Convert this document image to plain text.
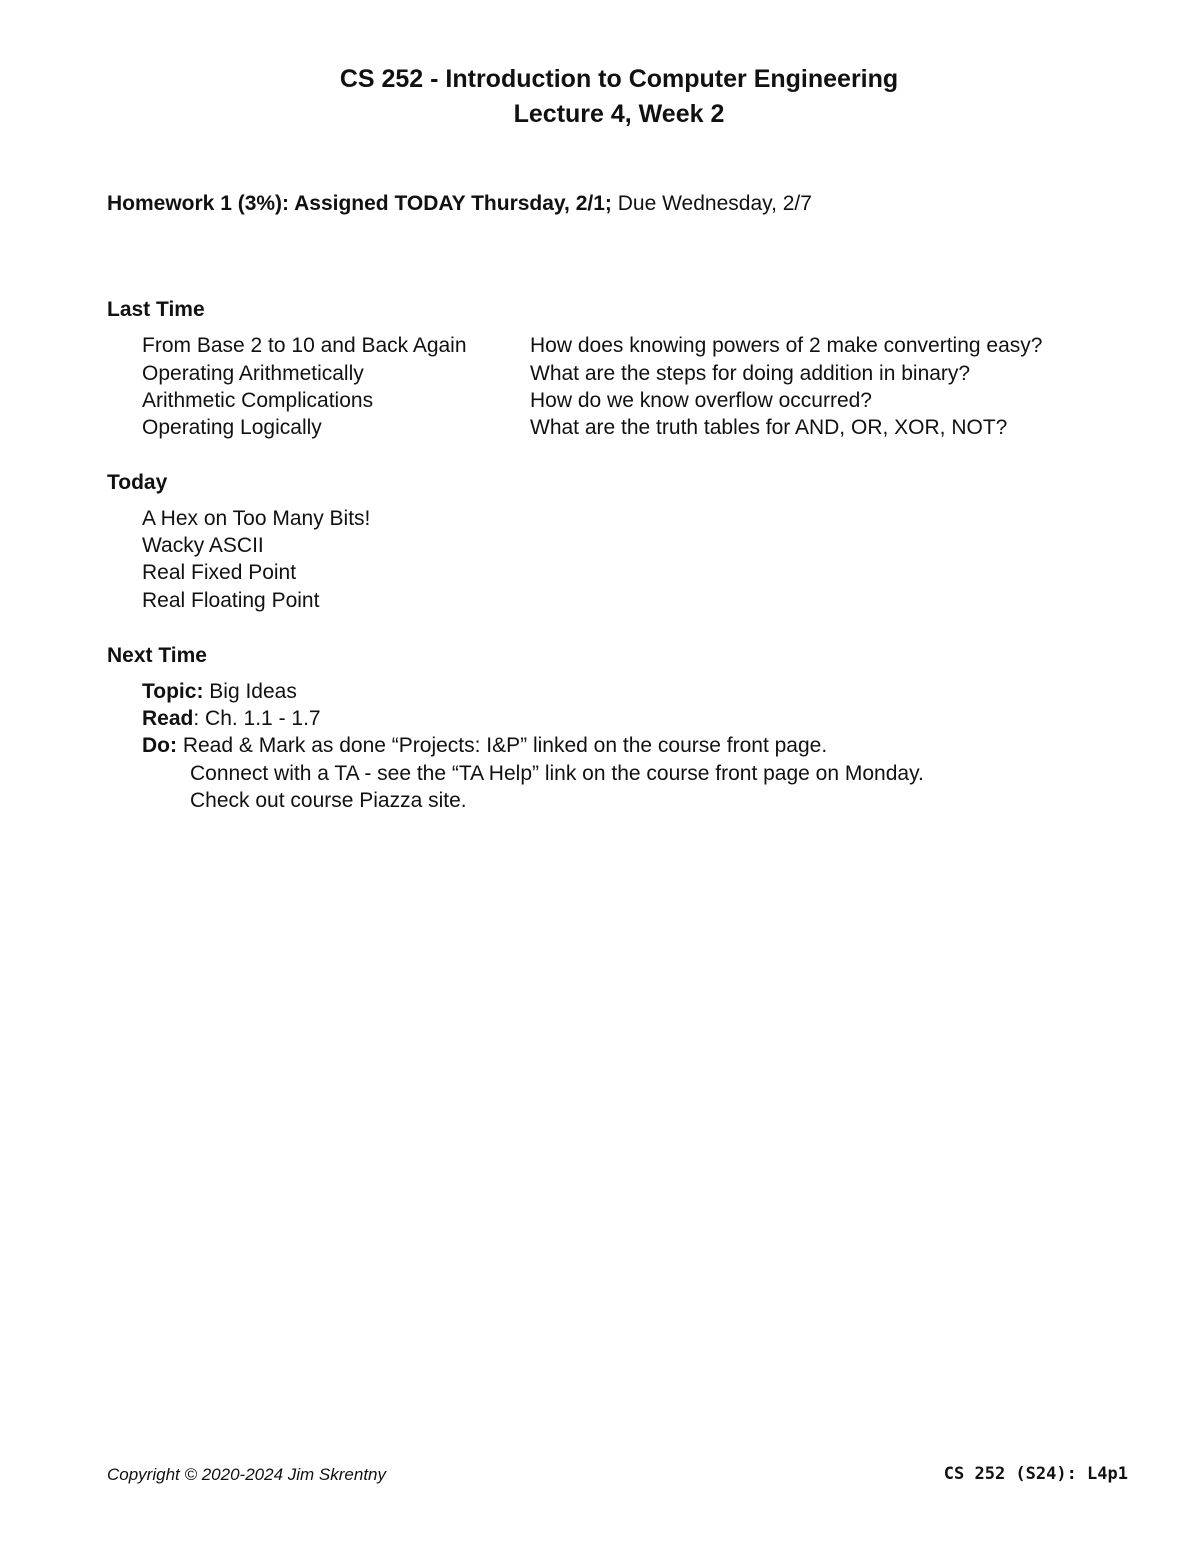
CS 252 - Introduction to Computer Engineering
Lecture 4, Week 2
Homework 1 (3%): Assigned TODAY Thursday, 2/1; Due Wednesday, 2/7
Last Time
From Base 2 to 10 and Back Again	How does knowing powers of 2 make converting easy?
Operating Arithmetically	What are the steps for doing addition in binary?
Arithmetic Complications	How do we know overflow occurred?
Operating Logically	What are the truth tables for AND, OR, XOR, NOT?
Today
A Hex on Too Many Bits!
Wacky ASCII
Real Fixed Point
Real Floating Point
Next Time
Topic: Big Ideas
Read: Ch. 1.1 - 1.7
Do: Read & Mark as done “Projects: I&P” linked on the course front page.
Connect with a TA - see the “TA Help” link on the course front page on Monday.
Check out course Piazza site.
Copyright © 2020-2024 Jim Skrentny	CS 252 (S24): L4p1
